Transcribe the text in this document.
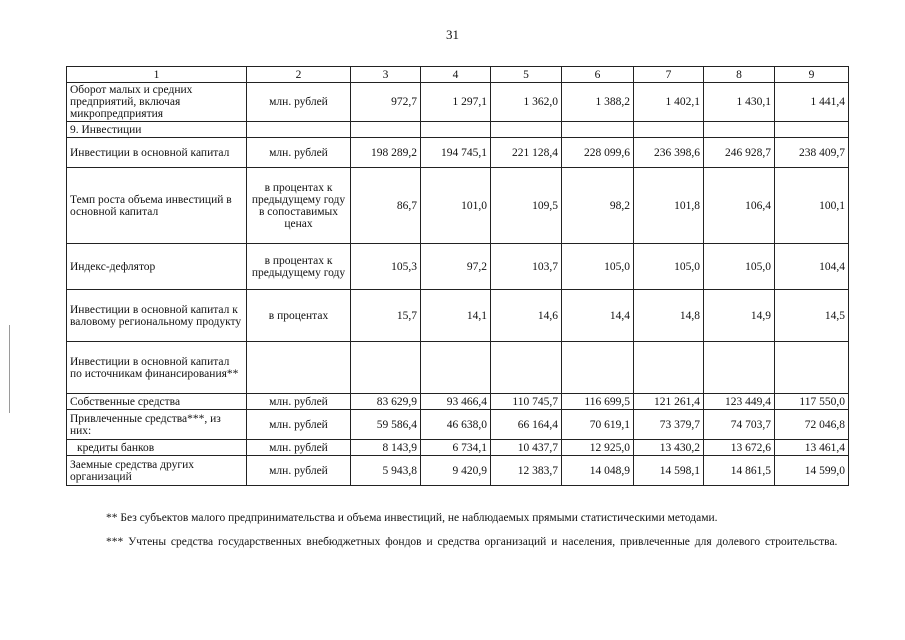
31
1	2	3	4	5	6	7	8	9
Оборот малых и средних предприятий, включая микропредприятия	млн. рублей	972,7	1 297,1	1 362,0	1 388,2	1 402,1	1 430,1	1 441,4
9. Инвестиции								
Инвестиции в основной капитал	млн. рублей	198 289,2	194 745,1	221 128,4	228 099,6	236 398,6	246 928,7	238 409,7
Темп роста объема инвестиций в основной капитал	в процентах к предыдущему году в сопоставимых ценах	86,7	101,0	109,5	98,2	101,8	106,4	100,1
Индекс-дефлятор	в процентах к предыдущему году	105,3	97,2	103,7	105,0	105,0	105,0	104,4
Инвестиции в основной капитал к валовому региональному продукту	в процентах	15,7	14,1	14,6	14,4	14,8	14,9	14,5
Инвестиции в основной капитал по источникам финансирования**								
Собственные средства	млн. рублей	83 629,9	93 466,4	110 745,7	116 699,5	121 261,4	123 449,4	117 550,0
Привлеченные средства***, из них:	млн. рублей	59 586,4	46 638,0	66 164,4	70 619,1	73 379,7	74 703,7	72 046,8
кредиты банков	млн. рублей	8 143,9	6 734,1	10 437,7	12 925,0	13 430,2	13 672,6	13 461,4
Заемные средства других организаций	млн. рублей	5 943,8	9 420,9	12 383,7	14 048,9	14 598,1	14 861,5	14 599,0
** Без субъектов малого предпринимательства и объема инвестиций, не наблюдаемых прямыми статистическими методами.
*** Учтены средства государственных внебюджетных фондов и средства организаций и населения, привлеченные для долевого строительства.
